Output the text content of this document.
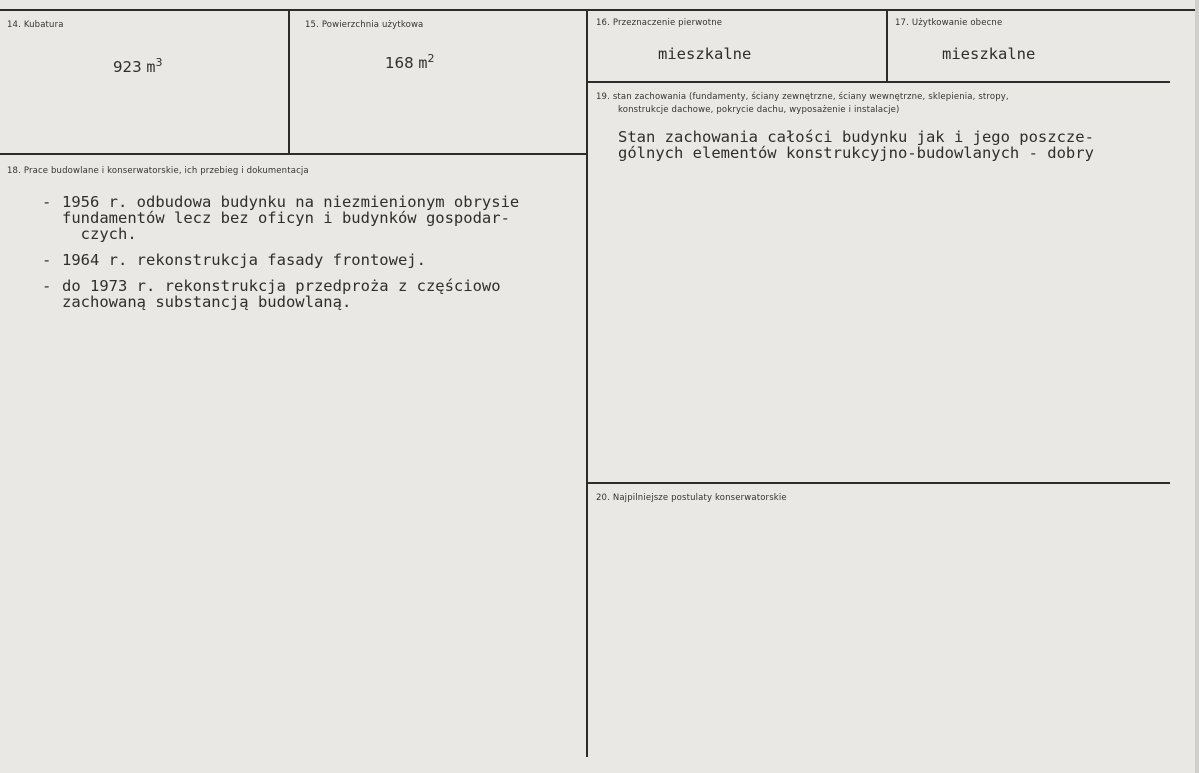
14. Kubatura
923 $m^3$
15. Powierzchnia użytkowa
168 $m^2$
16. Przeznaczenie pierwotne
mieszkalne
17. Użytkowanie obecne
mieszkalne
18. Prace budowlane i konserwatorskie, ich przebieg i dokumentacja
- 1956 r. odbudowa budynku na niezmienionym obrysie
fundamentów lecz bez oficyn i budynków gospodar-
czych.
- 1964 r. rekonstrukcja fasady frontowej.
- do 1973 r. rekonstrukcja przedproża z częściowo
zachowaną substancją budowlaną.
19. stan zachowania (fundamenty, ściany zewnętrzne, ściany wewnętrzne, sklepienia, stropy,
konstrukcje dachowe, pokrycie dachu, wyposażenie i instalacje)
Stan zachowania całości budynku jak i jego poszcze-
gólnych elementów konstrukcyjno-budowlanych - dobry
20. Najpilniejsze postulaty konserwatorskie
